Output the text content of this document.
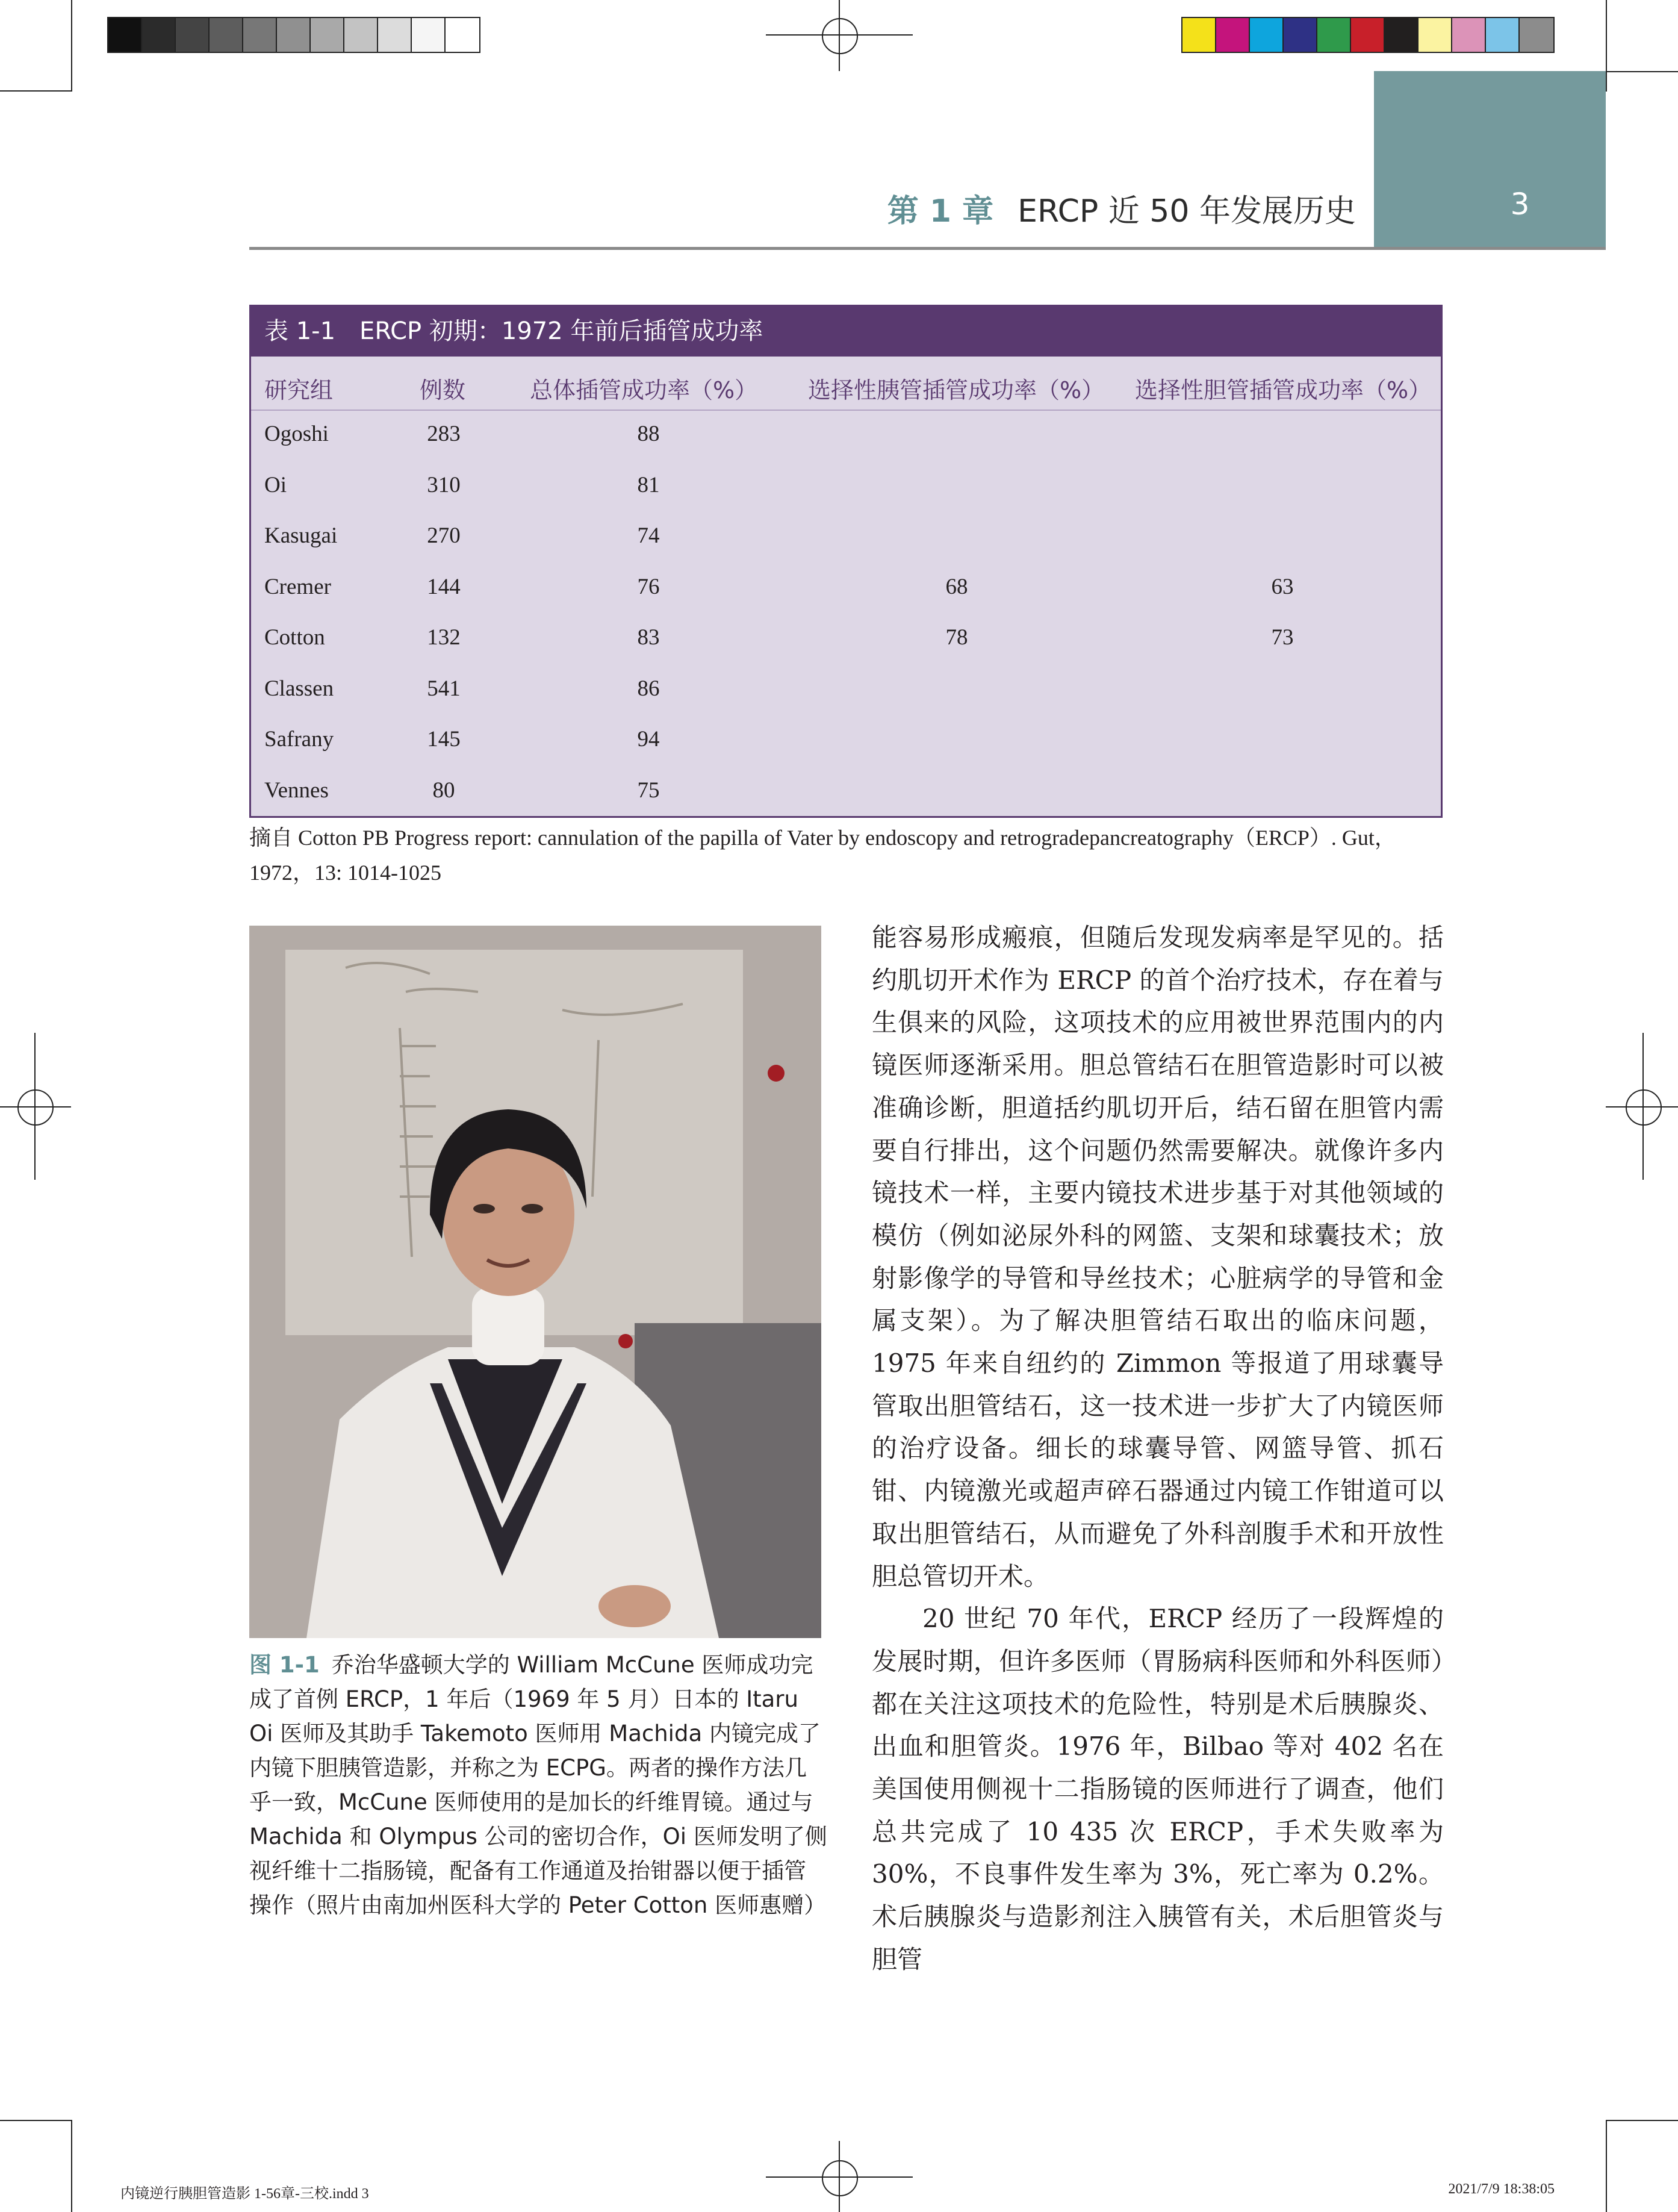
3
第 1 章 ERCP 近 50 年发展历史
表 1-1　ERCP 初期：1972 年前后插管成功率
研究组	例数	总体插管成功率（%） 选择性胰管插管成功率（%） 选择性胆管插管成功率（%）
Ogoshi	283	88
Oi	310	81
Kasugai	270	74
Cremer	144	76	68	63
Cotton	132	83	78	73
Classen	541	86
Safrany	145	94
Vennes	80	75
摘自 Cotton PB Progress report: cannulation of the papilla of Vater by endoscopy and retrogradepancreatography（ERCP）. Gut，1972，13: 1014-1025
图 1-1 乔治华盛顿大学的 William McCune 医师成功完成了首例 ERCP，1 年后（1969 年 5 月）日本的 Itaru Oi 医师及其助手 Takemoto 医师用 Machida 内镜完成了内镜下胆胰管造影，并称之为 ECPG。两者的操作方法几乎一致，McCune 医师使用的是加长的纤维胃镜。通过与 Machida 和 Olympus 公司的密切合作，Oi 医师发明了侧视纤维十二指肠镜，配备有工作通道及抬钳器以便于插管操作（照片由南加州医科大学的 Peter Cotton 医师惠赠）

能容易形成瘢痕，但随后发现发病率是罕见的。括约肌切开术作为 ERCP 的首个治疗技术，存在着与生俱来的风险，这项技术的应用被世界范围内的内镜医师逐渐采用。胆总管结石在胆管造影时可以被准确诊断，胆道括约肌切开后，结石留在胆管内需要自行排出，这个问题仍然需要解决。就像许多内镜技术一样，主要内镜技术进步基于对其他领域的模仿（例如泌尿外科的网篮、支架和球囊技术；放射影像学的导管和导丝技术；心脏病学的导管和金属支架）。为了解决胆管结石取出的临床问题，1975 年来自纽约的 Zimmon 等报道了用球囊导管取出胆管结石，这一技术进一步扩大了内镜医师的治疗设备。细长的球囊导管、网篮导管、抓石钳、内镜激光或超声碎石器通过内镜工作钳道可以取出胆管结石，从而避免了外科剖腹手术和开放性胆总管切开术。

20 世纪 70 年代，ERCP 经历了一段辉煌的发展时期，但许多医师（胃肠病科医师和外科医师）都在关注这项技术的危险性，特别是术后胰腺炎、出血和胆管炎。1976 年，Bilbao 等对 402 名在美国使用侧视十二指肠镜的医师进行了调查，他们总共完成了 10 435 次 ERCP，手术失败率为 30%，不良事件发生率为 3%，死亡率为 0.2%。术后胰腺炎与造影剂注入胰管有关，术后胆管炎与胆管

内镜逆行胰胆管造影 1-56章-三校.indd 3	2021/7/9 18:38:05
